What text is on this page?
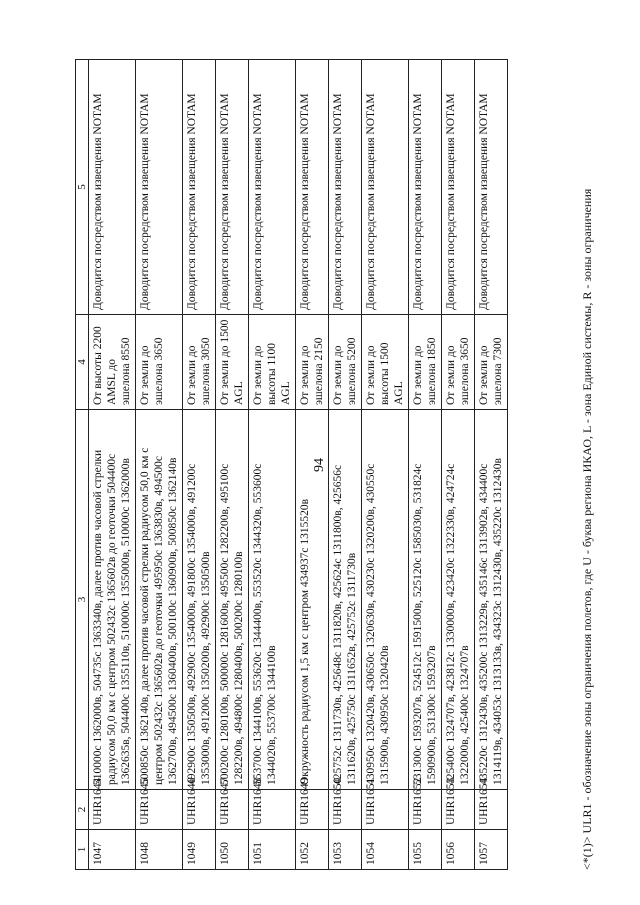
94
1	2	3	4	5
1047	UHR1644	510000с 1362000в, 504735с 1363340в, далее против часовой стрелки радиусом 50,0 км с центром 502432с 1365602в до геоточки 504400с 1362635в, 504400с 1355110в, 510000с 1355000в, 510000с 1362000в	От высоты 2200 AMSL до эшелона 8550	Доводится посредством извещения NOTAM
1048	UHR1645	500850с 1362140в, далее против часовой стрелки радиусом 50,0 км с центром 502432с 1365602в до геоточки 495950с 1363830в, 494500с 1362700в, 494500с 1360400в, 500100с 1360900в, 500850с 1362140в	От земли до эшелона 3650	Доводится посредством извещения NOTAM
1049	UHR1646	492900с 1350500в, 492900с 1354000в, 491800с 1354000в, 491200с 1353000в, 491200с 1350200в, 492900с 1350500в	От земли до эшелона 3050	Доводится посредством извещения NOTAM
1050	UHR1647	500200с 1280100в, 500000с 1281600в, 495500с 1282200в, 495100с 1282200в, 494800с 1280400в, 500200с 1280100в	От земли до 1500 AGL	Доводится посредством извещения NOTAM
1051	UHR1648	553700с 1344100в, 553620с 1344400в, 553520с 1344320в, 553600с 1344020в, 553700с 1344100в	От земли до высоты 1100 AGL	Доводится посредством извещения NOTAM
1052	UHR1649	Окружность радиусом 1,5 км с центром 434937с 1315520в	От земли до эшелона 2150	Доводится посредством извещения NOTAM
1053	UHR1650	425752с 1311730в, 425648с 1311820в, 425624с 1311800в, 425656с 1311620в, 425750с 1311652в, 425752с 1311730в	От земли до эшелона 5200	Доводится посредством извещения NOTAM
1054	UHR1651	430950с 1320420в, 430650с 1320630в, 430230с 1320200в, 430550с 1315900в, 430950с 1320420в	От земли до высоты 1500 AGL	Доводится посредством извещения NOTAM
1055	UHR1652	531300с 1593207в, 524512с 1591500в, 525120с 1585030в, 531824с 1590900в, 531300с 1593207в	От земли до эшелона 1850	Доводится посредством извещения NOTAM
1056	UHR1653	425400с 1324707в, 423812с 1330000в, 423420с 1322330в, 424724с 1322000в, 425400с 1324707в	От земли до эшелона 3650	Доводится посредством извещения NOTAM
1057	UHR1654	435220с 1312430в, 435200с 1313229в, 435146с 1313902в, 434400с 1314119в, 434053с 1313133в, 434323с 1312430в, 435220с 1312430в	От земли до эшелона 7300	Доводится посредством извещения NOTAM	<*(1)> ULR1 - обозначение зоны ограничения полетов, где U - буква региона ИКАО, L - зона Единой системы, R - зоны ограничения
